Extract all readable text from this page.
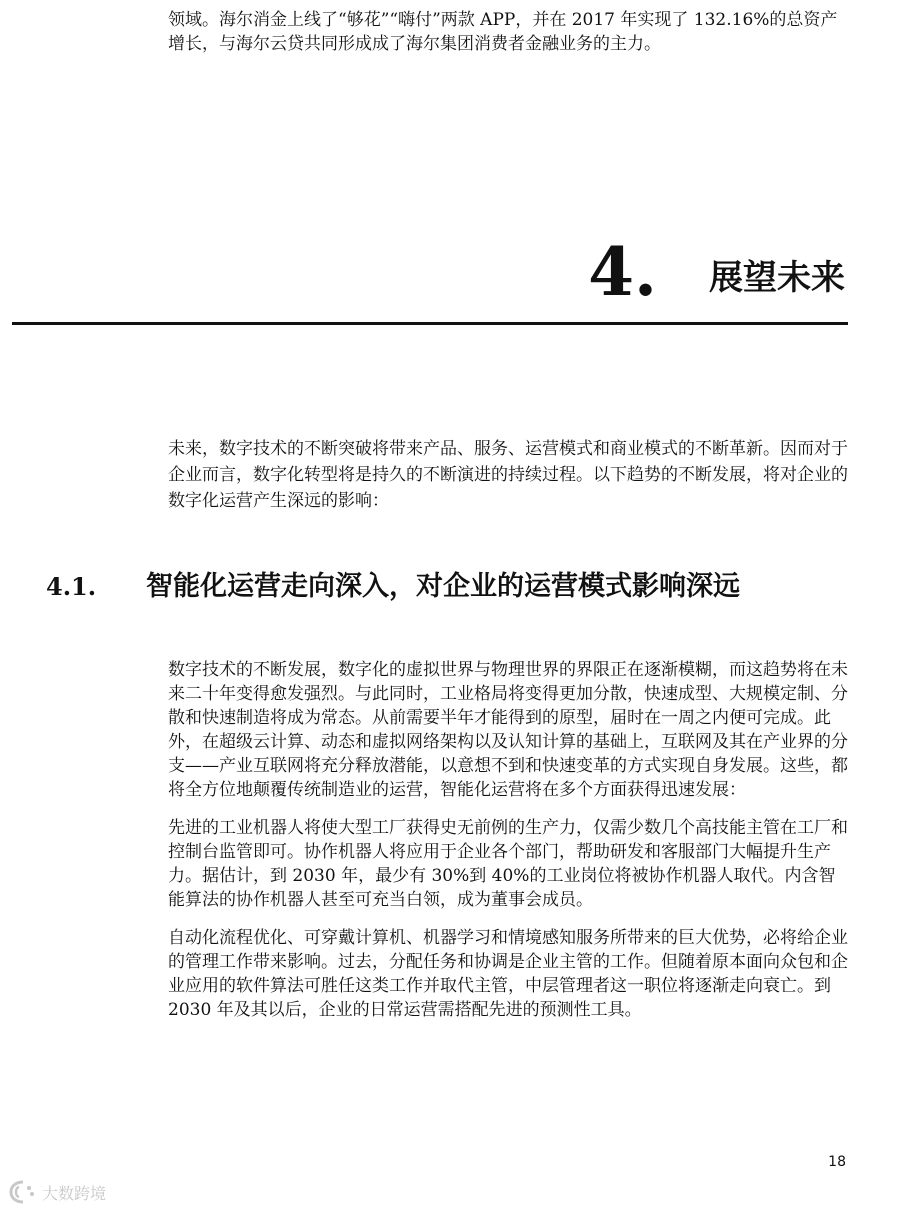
领域。海尔消金上线了“够花”“嗨付”两款 APP，并在 2017 年实现了 132.16%的总资产增长，与海尔云贷共同形成成了海尔集团消费者金融业务的主力。

4. 展望未来

未来，数字技术的不断突破将带来产品、服务、运营模式和商业模式的不断革新。因而对于企业而言，数字化转型将是持久的不断演进的持续过程。以下趋势的不断发展，将对企业的数字化运营产生深远的影响：

4.1.	智能化运营走向深入，对企业的运营模式影响深远

数字技术的不断发展，数字化的虚拟世界与物理世界的界限正在逐渐模糊，而这趋势将在未来二十年变得愈发强烈。与此同时，工业格局将变得更加分散，快速成型、大规模定制、分散和快速制造将成为常态。从前需要半年才能得到的原型，届时在一周之内便可完成。此外，在超级云计算、动态和虚拟网络架构以及认知计算的基础上，互联网及其在产业界的分支——产业互联网将充分释放潜能，以意想不到和快速变革的方式实现自身发展。这些，都将全方位地颠覆传统制造业的运营，智能化运营将在多个方面获得迅速发展：

先进的工业机器人将使大型工厂获得史无前例的生产力，仅需少数几个高技能主管在工厂和控制台监管即可。协作机器人将应用于企业各个部门，帮助研发和客服部门大幅提升生产力。据估计，到 2030 年，最少有 30%到 40%的工业岗位将被协作机器人取代。内含智能算法的协作机器人甚至可充当白领，成为董事会成员。

自动化流程优化、可穿戴计算机、机器学习和情境感知服务所带来的巨大优势，必将给企业的管理工作带来影响。过去，分配任务和协调是企业主管的工作。但随着原本面向众包和企业应用的软件算法可胜任这类工作并取代主管，中层管理者这一职位将逐渐走向衰亡。到 2030 年及其以后，企业的日常运营需搭配先进的预测性工具。

18
大数跨境
